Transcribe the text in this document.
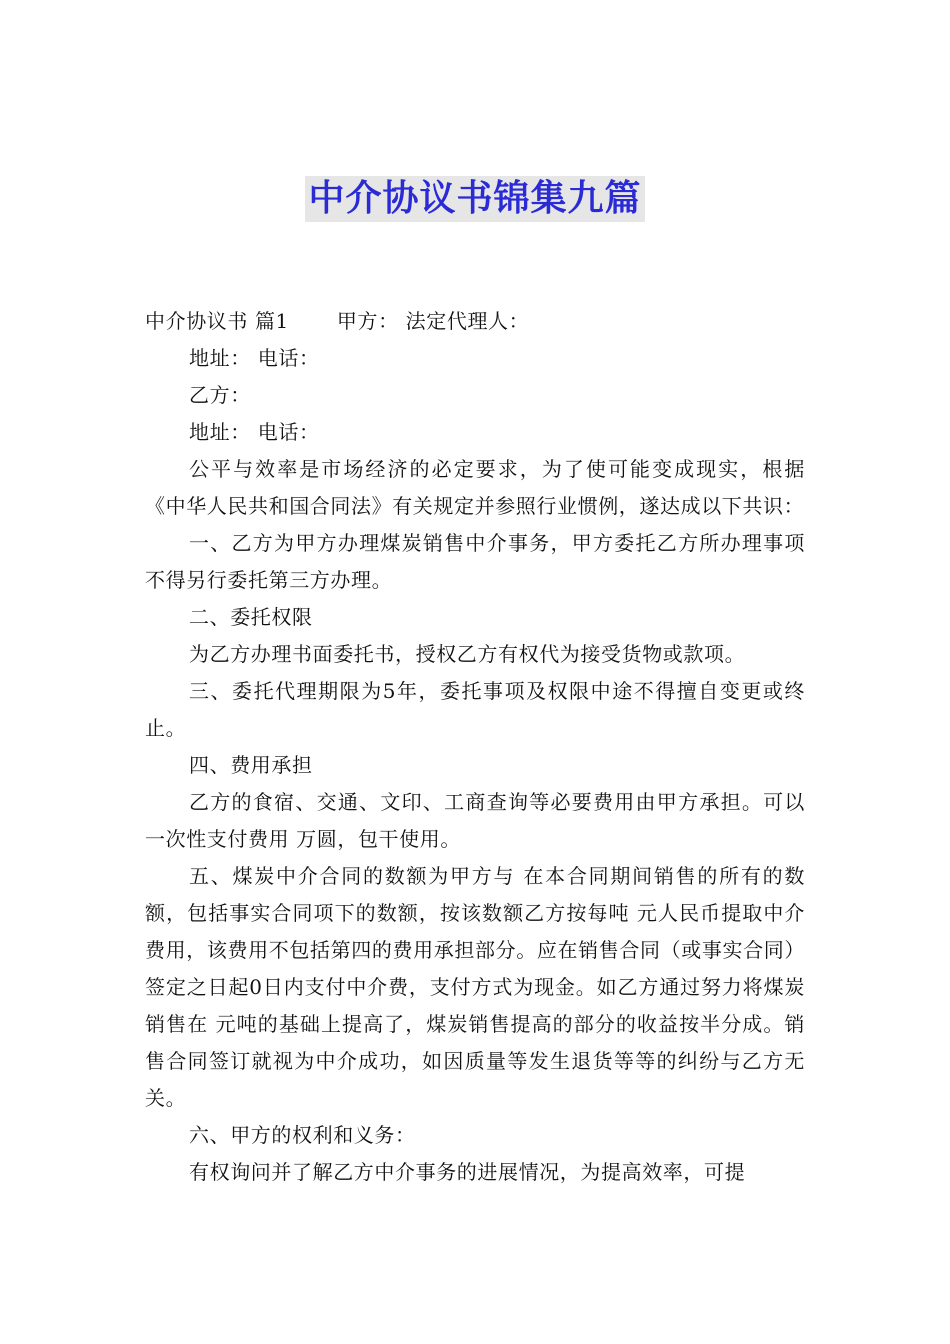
中介协议书锦集九篇

中介协议书 篇1 甲方： 法定代理人：

地址： 电话：

乙方：

地址： 电话：

公平与效率是市场经济的必定要求，为了使可能变成现实，根据《中华人民共和国合同法》有关规定并参照行业惯例，遂达成以下共识：

一、乙方为甲方办理煤炭销售中介事务，甲方委托乙方所办理事项不得另行委托第三方办理。

二、委托权限

为乙方办理书面委托书，授权乙方有权代为接受货物或款项。

三、委托代理期限为5年，委托事项及权限中途不得擅自变更或终止。

四、费用承担

乙方的食宿、交通、文印、工商查询等必要费用由甲方承担。可以一次性支付费用 万圆，包干使用。

五、煤炭中介合同的数额为甲方与 在本合同期间销售的所有的数额，包括事实合同项下的数额，按该数额乙方按每吨 元人民币提取中介费用，该费用不包括第四的费用承担部分。应在销售合同（或事实合同）签定之日起0日内支付中介费，支付方式为现金。如乙方通过努力将煤炭销售在 元吨的基础上提高了，煤炭销售提高的部分的收益按半分成。销售合同签订就视为中介成功，如因质量等发生退货等等的纠纷与乙方无关。

六、甲方的权利和义务：

有权询问并了解乙方中介事务的进展情况，为提高效率，可提
